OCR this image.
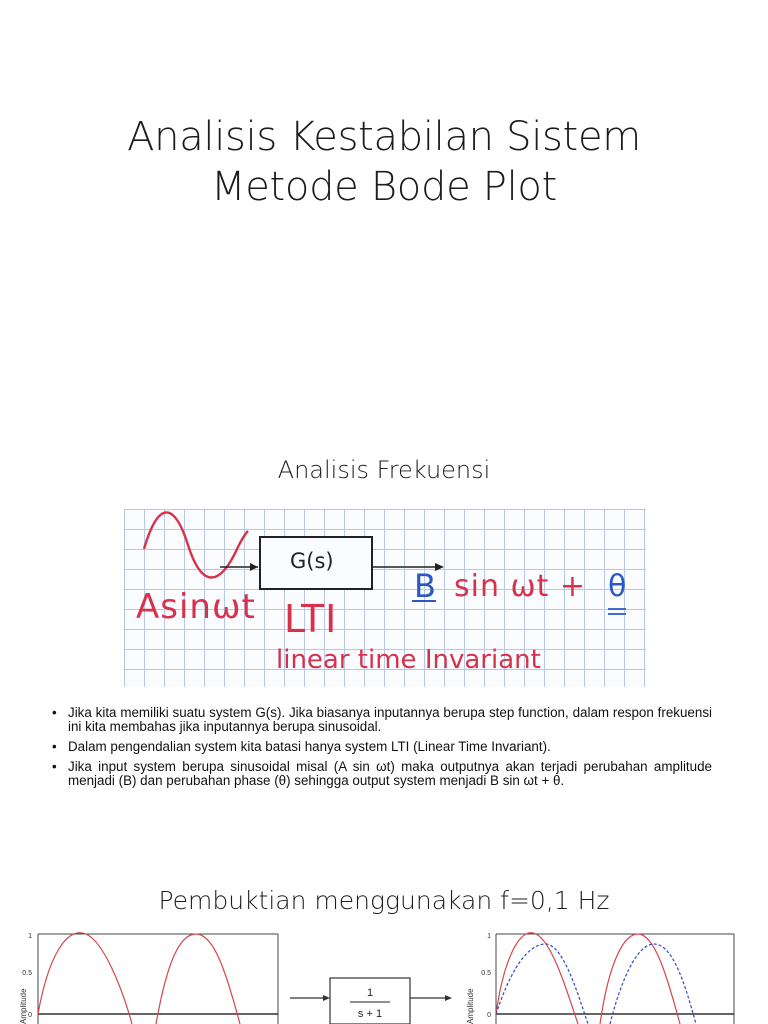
Analisis Kestabilan Sistem
Metode Bode Plot
Analisis Frekuensi
G(s)
Asinωt
B sin ωt + θ
LTI
linear time Invariant
• Jika kita memiliki suatu system G(s). Jika biasanya inputannya berupa step function, dalam respon frekuensi ini kita membahas jika inputannya berupa sinusoidal.
• Dalam pengendalian system kita batasi hanya system LTI (Linear Time Invariant).
• Jika input system berupa sinusoidal misal (A sin ωt) maka outputnya akan terjadi perubahan amplitude menjadi (B) dan perubahan phase (θ) sehingga output system menjadi B sin ωt + θ.
Pembuktian menggunakan f=0,1 Hz
1
0.5
0
Amplitude	1
s + 1
1
0.5
0
Amplitude
